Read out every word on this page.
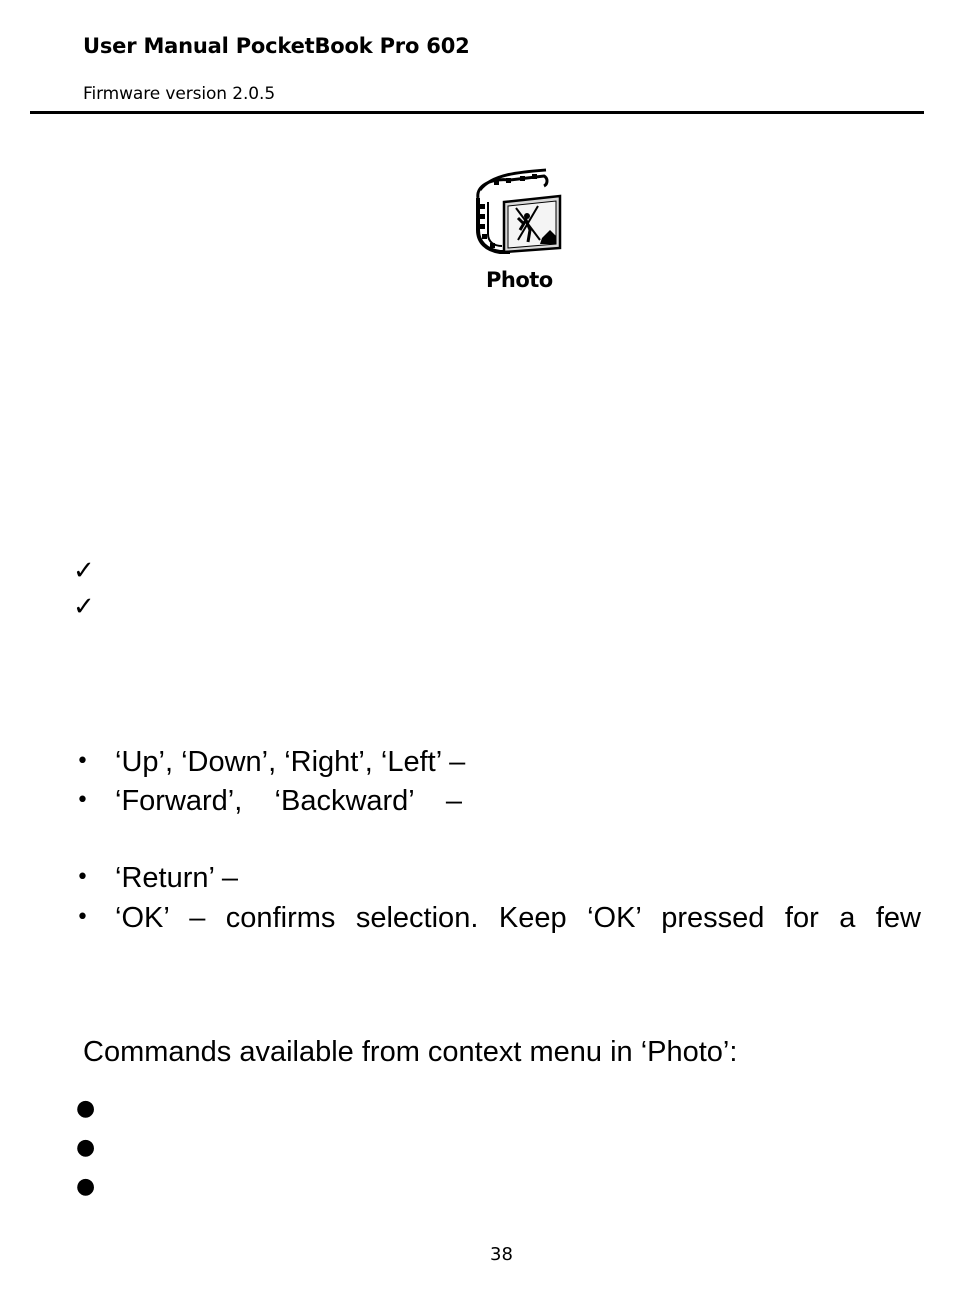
User Manual PocketBook Pro 602
Firmware version 2.0.5
Photo
✓
✓
• ‘Up’, ‘Down’, ‘Right’, ‘Left’ –
• ‘Forward’,    ‘Backward’    –
• ‘Return’ –
• ‘OK’ – confirms selection. Keep ‘OK’ pressed for a few
Commands available from context menu in ‘Photo’:
●
●
●
38
